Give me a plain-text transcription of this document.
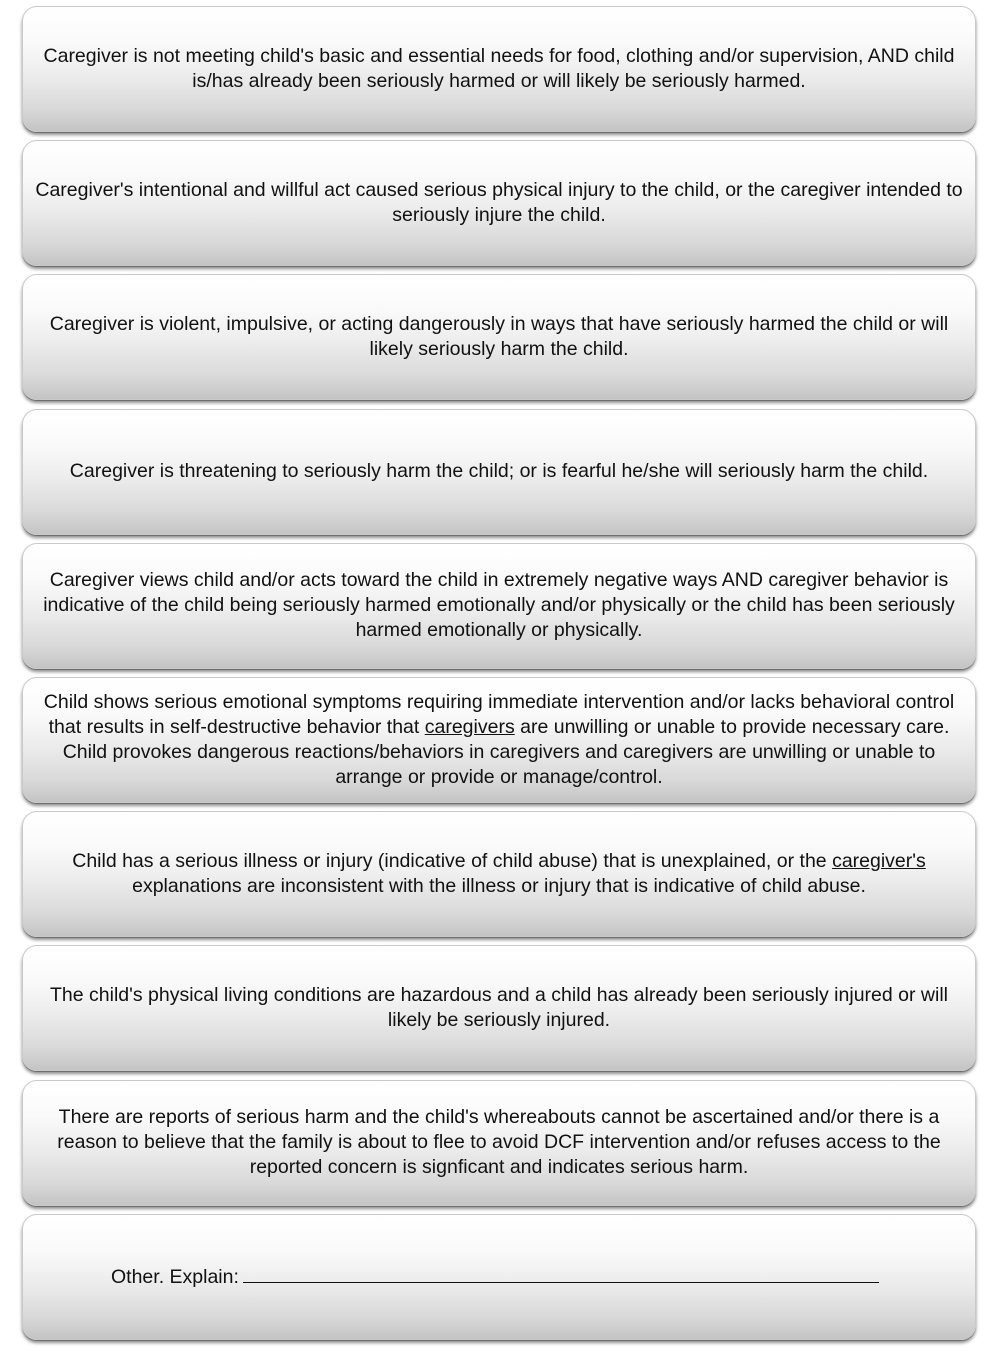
Caregiver is not meeting child's basic and essential needs for food, clothing and/or supervision, AND child is/has already been seriously harmed or will likely be seriously harmed.
Caregiver's intentional and willful act caused serious physical injury to the child, or the caregiver intended to seriously injure the child.
Caregiver is violent, impulsive, or acting dangerously in ways that have seriously harmed the child or will likely seriously harm the child.
Caregiver is threatening to seriously harm the child; or is fearful he/she will seriously harm the child.
Caregiver views child and/or acts toward the child in extremely negative ways AND caregiver behavior is indicative of the child being seriously harmed emotionally and/or physically or the child has been seriously harmed emotionally or physically.
Child shows serious emotional symptoms requiring immediate intervention and/or lacks behavioral control that results in self-destructive behavior that caregivers are unwilling or unable to provide necessary care. Child provokes dangerous reactions/behaviors in caregivers and caregivers are unwilling or unable to arrange or provide or manage/control.
Child has a serious illness or injury (indicative of child abuse) that is unexplained, or the caregiver's explanations are inconsistent with the illness or injury that is indicative of child abuse.
The child's physical living conditions are hazardous and a child has already been seriously injured or will likely be seriously injured.
There are reports of serious harm and the child's whereabouts cannot be ascertained and/or there is a reason to believe that the family is about to flee to avoid DCF intervention and/or refuses access to the reported concern is signficant and indicates serious harm.
Other. Explain:
